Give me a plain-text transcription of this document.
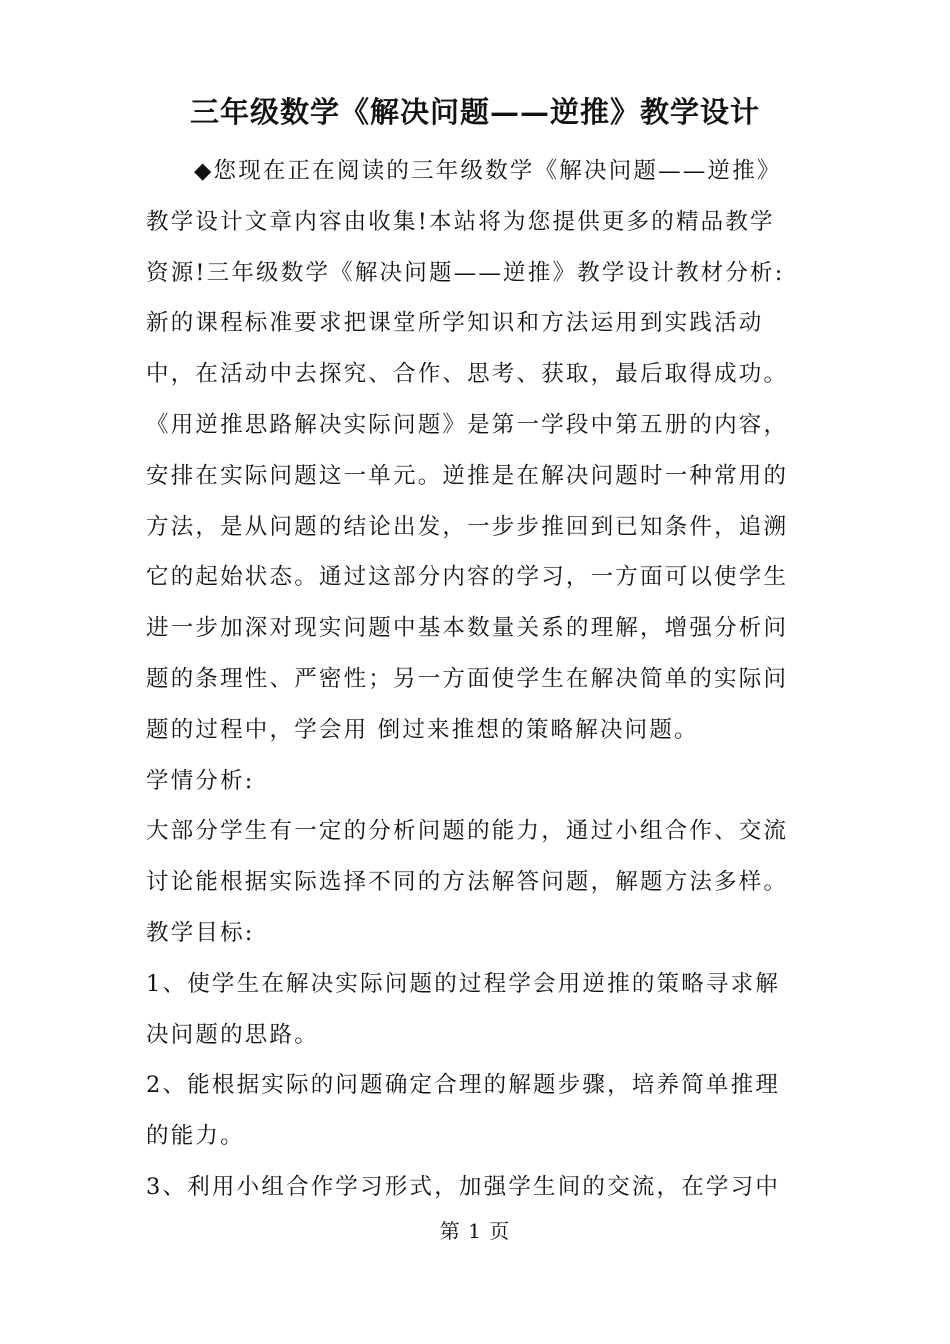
三年级数学《解决问题——逆推》教学设计
◆您现在正在阅读的三年级数学《解决问题——逆推》
教学设计文章内容由收集!本站将为您提供更多的精品教学
资源!三年级数学《解决问题——逆推》教学设计教材分析:
新的课程标准要求把课堂所学知识和方法运用到实践活动
中，在活动中去探究、合作、思考、获取，最后取得成功。
《用逆推思路解决实际问题》是第一学段中第五册的内容，
安排在实际问题这一单元。逆推是在解决问题时一种常用的
方法，是从问题的结论出发，一步步推回到已知条件，追溯
它的起始状态。通过这部分内容的学习，一方面可以使学生
进一步加深对现实问题中基本数量关系的理解，增强分析问
题的条理性、严密性；另一方面使学生在解决简单的实际问
题的过程中，学会用 倒过来推想的策略解决问题。
学情分析:
大部分学生有一定的分析问题的能力，通过小组合作、交流
讨论能根据实际选择不同的方法解答问题，解题方法多样。
教学目标:
1、使学生在解决实际问题的过程学会用逆推的策略寻求解
决问题的思路。
2、能根据实际的问题确定合理的解题步骤，培养简单推理
的能力。
3、利用小组合作学习形式，加强学生间的交流，在学习中
第 1 页
